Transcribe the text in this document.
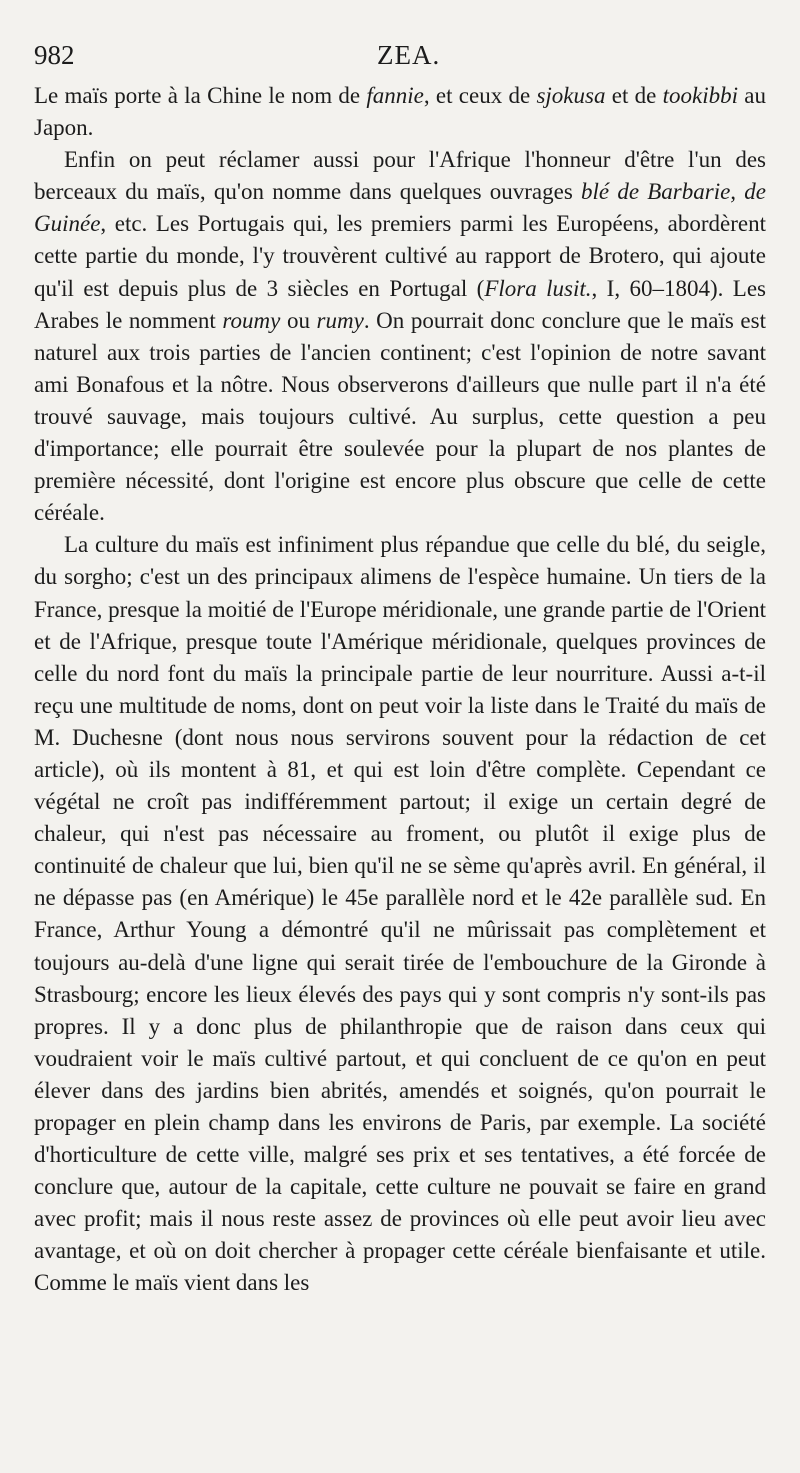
982	ZEA.

Le maïs porte à la Chine le nom de fannie, et ceux de sjokusa et de tookibbi au Japon.

Enfin on peut réclamer aussi pour l'Afrique l'honneur d'être l'un des berceaux du maïs, qu'on nomme dans quelques ouvrages blé de Barbarie, de Guinée, etc. Les Portugais qui, les premiers parmi les Européens, abordèrent cette partie du monde, l'y trouvèrent cultivé au rapport de Brotero, qui ajoute qu'il est depuis plus de 3 siècles en Portugal (Flora lusit., I, 60–1804). Les Arabes le nomment roumy ou rumy. On pourrait donc conclure que le maïs est naturel aux trois parties de l'ancien continent; c'est l'opinion de notre savant ami Bonafous et la nôtre. Nous observerons d'ailleurs que nulle part il n'a été trouvé sauvage, mais toujours cultivé. Au surplus, cette question a peu d'importance; elle pourrait être soulevée pour la plupart de nos plantes de première nécessité, dont l'origine est encore plus obscure que celle de cette céréale.

La culture du maïs est infiniment plus répandue que celle du blé, du seigle, du sorgho; c'est un des principaux alimens de l'espèce humaine. Un tiers de la France, presque la moitié de l'Europe méridionale, une grande partie de l'Orient et de l'Afrique, presque toute l'Amérique méridionale, quelques provinces de celle du nord font du maïs la principale partie de leur nourriture. Aussi a-t-il reçu une multitude de noms, dont on peut voir la liste dans le Traité du maïs de M. Duchesne (dont nous nous servirons souvent pour la rédaction de cet article), où ils montent à 81, et qui est loin d'être complète. Cependant ce végétal ne croît pas indifféremment partout; il exige un certain degré de chaleur, qui n'est pas nécessaire au froment, ou plutôt il exige plus de continuité de chaleur que lui, bien qu'il ne se sème qu'après avril. En général, il ne dépasse pas (en Amérique) le 45e parallèle nord et le 42e parallèle sud. En France, Arthur Young a démontré qu'il ne mûrissait pas complètement et toujours au-delà d'une ligne qui serait tirée de l'embouchure de la Gironde à Strasbourg; encore les lieux élevés des pays qui y sont compris n'y sont-ils pas propres. Il y a donc plus de philanthropie que de raison dans ceux qui voudraient voir le maïs cultivé partout, et qui concluent de ce qu'on en peut élever dans des jardins bien abrités, amendés et soignés, qu'on pourrait le propager en plein champ dans les environs de Paris, par exemple. La société d'horticulture de cette ville, malgré ses prix et ses tentatives, a été forcée de conclure que, autour de la capitale, cette culture ne pouvait se faire en grand avec profit; mais il nous reste assez de provinces où elle peut avoir lieu avec avantage, et où on doit chercher à propager cette céréale bienfaisante et utile. Comme le maïs vient dans les
